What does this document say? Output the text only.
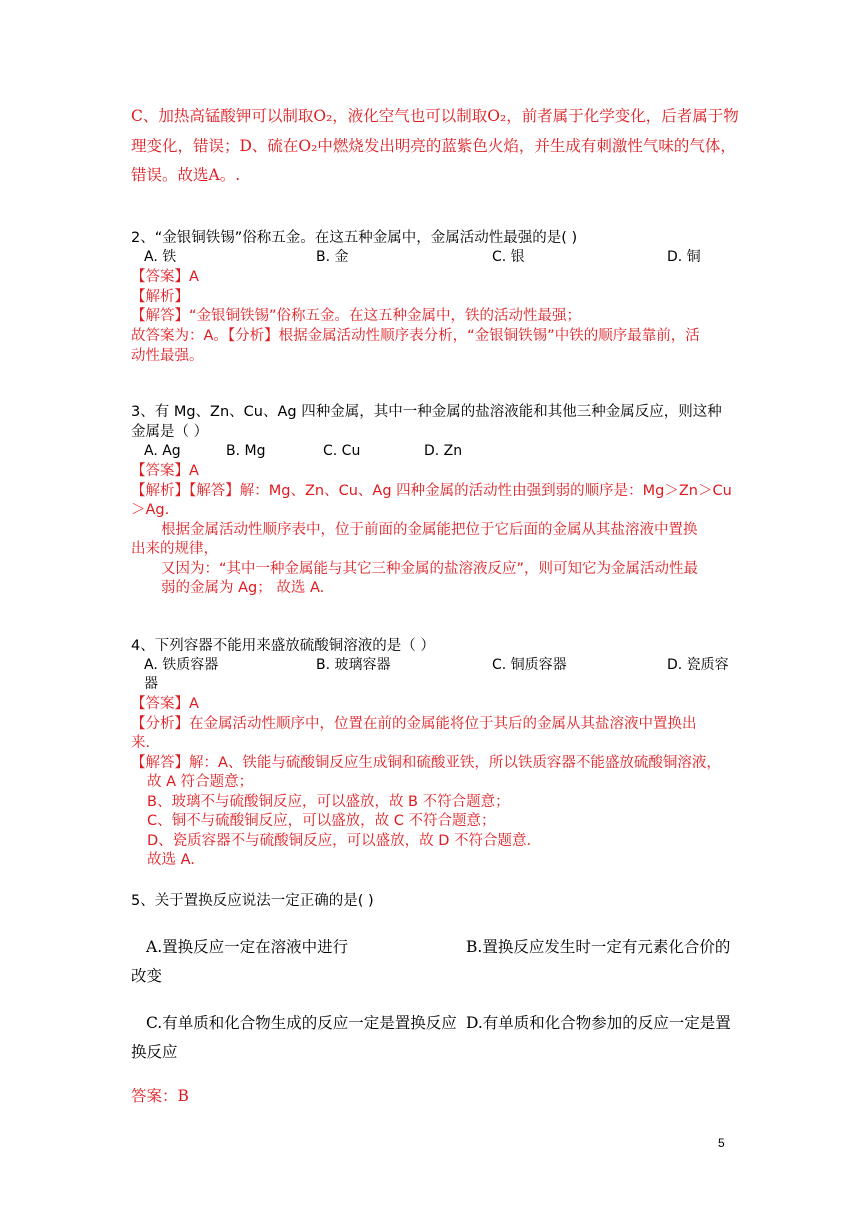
C、加热高锰酸钾可以制取O₂，液化空气也可以制取O₂，前者属于化学变化，后者属于物
理变化，错误；D、硫在O₂中燃烧发出明亮的蓝紫色火焰，并生成有刺激性气味的气体，
错误。故选A。.
2、“金银铜铁锡”俗称五金。在这五种金属中，金属活动性最强的是( )
A. 铁	B. 金	C. 银	D. 铜
【答案】A
【解析】
【解答】“金银铜铁锡”俗称五金。在这五种金属中，铁的活动性最强；
故答案为：A。【分析】根据金属活动性顺序表分析，“金银铜铁锡”中铁的顺序最靠前，活
动性最强。
3、有 Mg、Zn、Cu、Ag 四种金属，其中一种金属的盐溶液能和其他三种金属反应，则这种
金属是（ ）
A. Ag	B. Mg	C. Cu	D. Zn
【答案】A
【解析】【解答】解：Mg、Zn、Cu、Ag 四种金属的活动性由强到弱的顺序是：Mg＞Zn＞Cu
＞Ag.
根据金属活动性顺序表中，位于前面的金属能把位于它后面的金属从其盐溶液中置换
出来的规律，
又因为：“其中一种金属能与其它三种金属的盐溶液反应”，则可知它为金属活动性最
弱的金属为 Ag； 故选 A.
4、下列容器不能用来盛放硫酸铜溶液的是（ ）
A. 铁质容器	B. 玻璃容器	C. 铜质容器	D. 瓷质容
器
【答案】A
【分析】在金属活动性顺序中，位置在前的金属能将位于其后的金属从其盐溶液中置换出
来.
【解答】解：A、铁能与硫酸铜反应生成铜和硫酸亚铁，所以铁质容器不能盛放硫酸铜溶液，
故 A 符合题意；
B、玻璃不与硫酸铜反应，可以盛放，故 B 不符合题意；
C、铜不与硫酸铜反应，可以盛放，故 C 不符合题意；
D、瓷质容器不与硫酸铜反应，可以盛放，故 D 不符合题意．
故选 A.
5、关于置换反应说法一定正确的是( )
A.置换反应一定在溶液中进行	B.置换反应发生时一定有元素化合价的
改变
C.有单质和化合物生成的反应一定是置换反应 D.有单质和化合物参加的反应一定是置
换反应
答案：B
5
